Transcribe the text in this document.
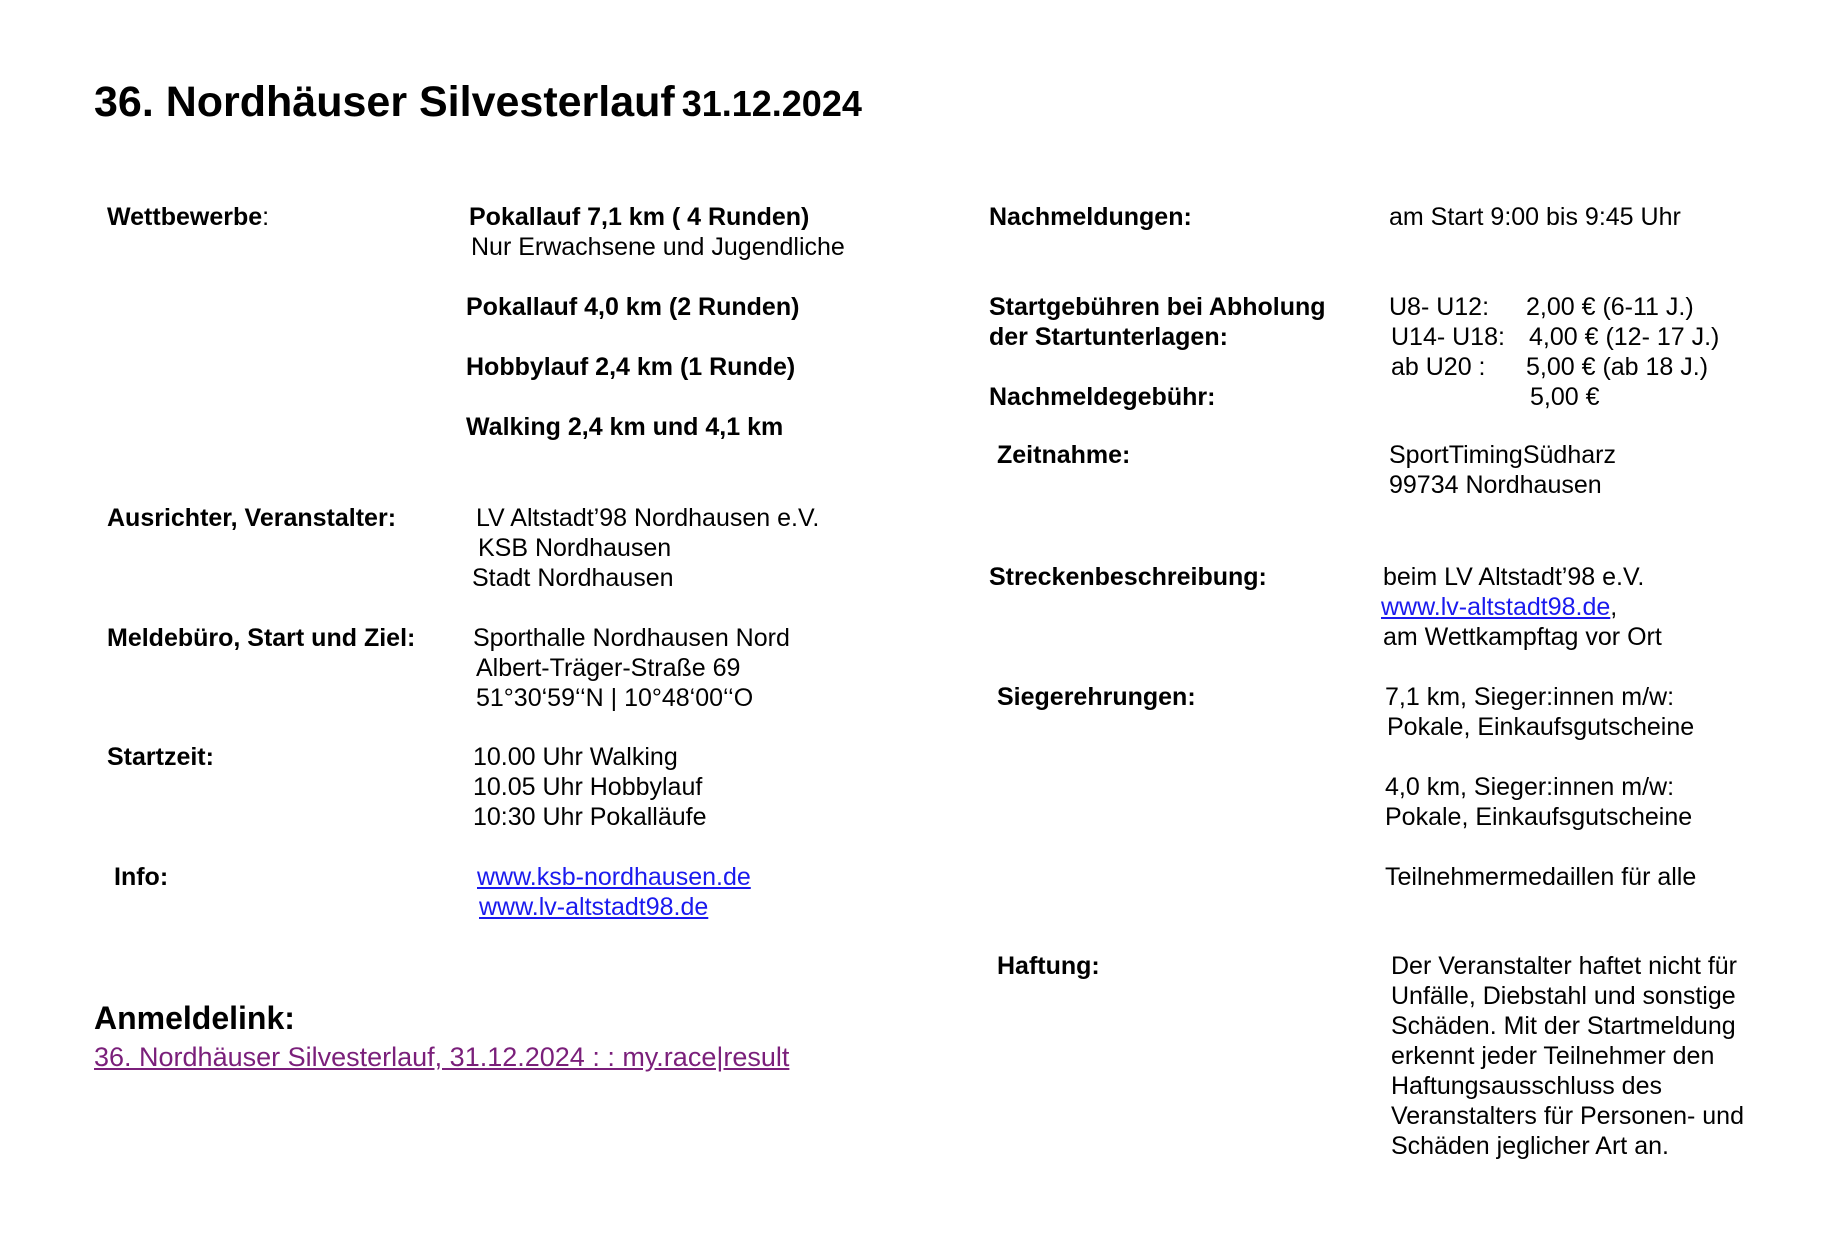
36. Nordhäuser Silvesterlauf 31.12.2024
Wettbewerbe:	Pokallauf 7,1 km ( 4 Runden)
Nur Erwachsene und Jugendliche
Pokallauf 4,0 km (2 Runden)
Hobbylauf 2,4 km (1 Runde)
Walking 2,4 km und 4,1 km
Ausrichter, Veranstalter:	LV Altstadt’98 Nordhausen e.V.
KSB Nordhausen
Stadt Nordhausen
Meldebüro, Start und Ziel: Sporthalle Nordhausen Nord
Albert-Träger-Straße 69
51°30‘59‘‘N | 10°48‘00‘‘O
Startzeit:	10.00 Uhr Walking
10.05 Uhr Hobbylauf
10:30 Uhr Pokalläufe
Info:	www.ksb-nordhausen.de
www.lv-altstadt98.de
Anmeldelink:
36. Nordhäuser Silvesterlauf, 31.12.2024 : : my.race|result
Nachmeldungen:	am Start 9:00 bis 9:45 Uhr
Startgebühren bei Abholung
der Startunterlagen:
U8- U12: 2,00 € (6-11 J.)
U14- U18: 4,00 € (12- 17 J.)
ab U20 : 5,00 € (ab 18 J.)
Nachmeldegebühr:	5,00 €
Zeitnahme:	SportTimingSüdharz
99734 Nordhausen
Streckenbeschreibung:	beim LV Altstadt’98 e.V.
www.lv-altstadt98.de,
am Wettkampftag vor Ort
Siegerehrungen:	7,1 km, Sieger:innen m/w:
Pokale, Einkaufsgutscheine
4,0 km, Sieger:innen m/w:
Pokale, Einkaufsgutscheine
Teilnehmermedaillen für alle
Haftung:	Der Veranstalter haftet nicht für
Unfälle, Diebstahl und sonstige
Schäden. Mit der Startmeldung
erkennt jeder Teilnehmer den
Haftungsausschluss des
Veranstalters für Personen- und
Schäden jeglicher Art an.
